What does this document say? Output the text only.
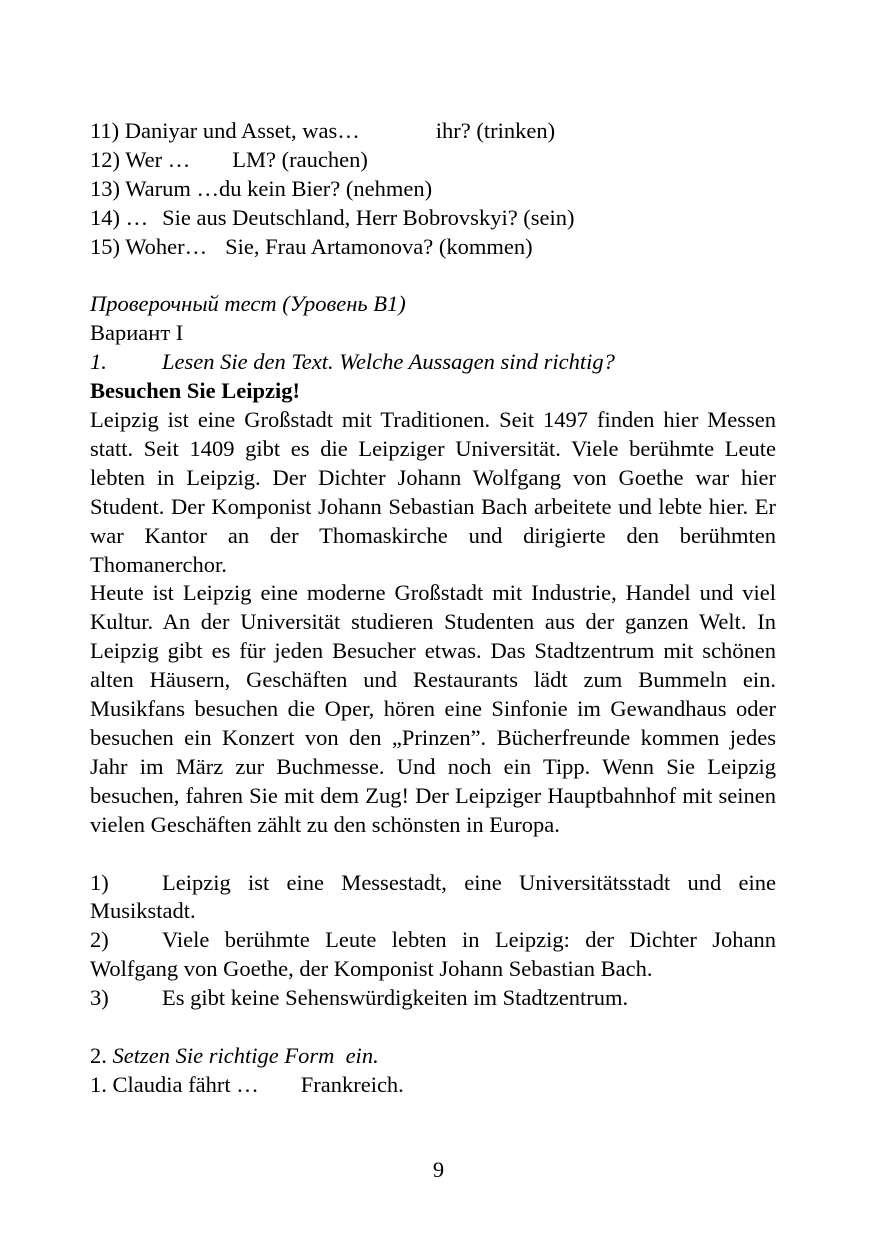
11) Daniyar und Asset, was…	ihr? (trinken)
12) Wer … LM? (rauchen)
13) Warum …du kein Bier? (nehmen)
14) … Sie aus Deutschland, Herr Bobrovskyi? (sein)
15) Woher… Sie, Frau Artamonova? (kommen)
Проверочный тест (Уровень B1)
Вариант I
1. Lesen Sie den Text. Welche Aussagen sind richtig?
Besuchen Sie Leipzig!

Leipzig ist eine Großstadt mit Traditionen. Seit 1497 finden hier Messen statt. Seit 1409 gibt es die Leipziger Universität. Viele berühmte Leute lebten in Leipzig. Der Dichter Johann Wolfgang von Goethe war hier Student. Der Komponist Johann Sebastian Bach arbeitete und lebte hier. Er war Kantor an der Thomaskirche und dirigierte den berühmten Thomanerchor.

Heute ist Leipzig eine moderne Großstadt mit Industrie, Handel und viel Kultur. An der Universität studieren Studenten aus der ganzen Welt. In Leipzig gibt es für jeden Besucher etwas. Das Stadtzentrum mit schönen alten Häusern, Geschäften und Restaurants lädt zum Bummeln ein. Musikfans besuchen die Oper, hören eine Sinfonie im Gewandhaus oder besuchen ein Konzert von den „Prinzen”. Bücherfreunde kommen jedes Jahr im März zur Buchmesse. Und noch ein Tipp. Wenn Sie Leipzig besuchen, fahren Sie mit dem Zug! Der Leipziger Hauptbahnhof mit seinen vielen Geschäften zählt zu den schönsten in Europa.

1) Leipzig ist eine Messestadt, eine Universitätsstadt und eine Musikstadt.

2) Viele berühmte Leute lebten in Leipzig: der Dichter Johann Wolfgang von Goethe, der Komponist Johann Sebastian Bach.

3) Es gibt keine Sehenswürdigkeiten im Stadtzentrum.

2. Setzen Sie richtige Form  ein.
1. Claudia fährt … Frankreich.
9
